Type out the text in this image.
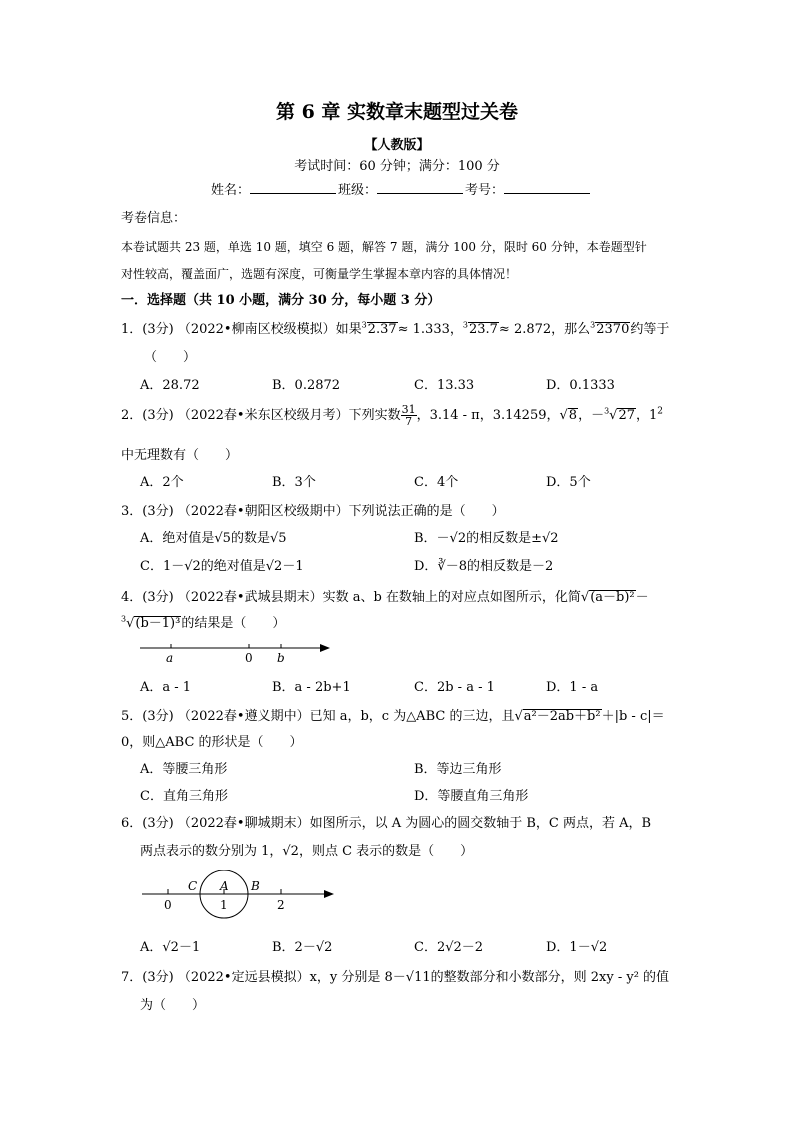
第 6 章 实数章末题型过关卷
【人教版】
考试时间：60 分钟；满分：100 分
姓名：	班级：	考号：
考卷信息：
本卷试题共 23 题，单选 10 题，填空 6 题，解答 7 题，满分 100 分，限时 60 分钟，本卷题型针
对性较高，覆盖面广，选题有深度，可衡量学生掌握本章内容的具体情况！
一．选择题（共 10 小题，满分 30 分，每小题 3 分）
1．(3分) （2022•柳南区校级模拟）如果$^3$2.37≈ 1.333，$^3$23.7≈ 2.872，那么$^3$2370约等于
（　　）
A．28.72	B．0.2872	C．13.33	D．0.1333
2．(3分) （2022春•米东区校级月考）下列实数 $\frac{31}{7}$ ，3.14 - π，3.14259，√8，－$^3$√27，$1^2$
中无理数有（　　）
A．2个	B．3个	C．4个	D．5个
3．(3分) （2022春•朝阳区校级期中）下列说法正确的是（　　）
A．绝对值是√5的数是√5	B．－√2的相反数是±√2
C．1－√2的绝对值是√2－1	D．∛－8的相反数是－2
4．(3分) （2022春•武城县期末）实数 a、b 在数轴上的对应点如图所示，化简√(a－b)²－
$^3$√(b－1)³的结果是（　　）
a	0 b
A．a - 1	B．a - 2b+1	C．2b - a - 1	D．1 - a
5．(3分) （2022春•遵义期中）已知 a，b，c 为△ABC 的三边，且√a²－2ab＋b²＋|b - c|＝
0，则△ABC 的形状是（　　）
A．等腰三角形	B．等边三角形
C．直角三角形	D．等腰直角三角形
6．(3分) （2022春•聊城期末）如图所示，以 A 为圆心的圆交数轴于 B，C 两点，若 A，B
两点表示的数分别为 1，√2，则点 C 表示的数是（　　）
C A B
0	1	2
A．√2－1	B．2－√2	C．2√2－2	D．1－√2
7．(3分) （2022•定远县模拟）x，y 分别是 8－√11的整数部分和小数部分，则 2xy - y² 的值
为（　　）
